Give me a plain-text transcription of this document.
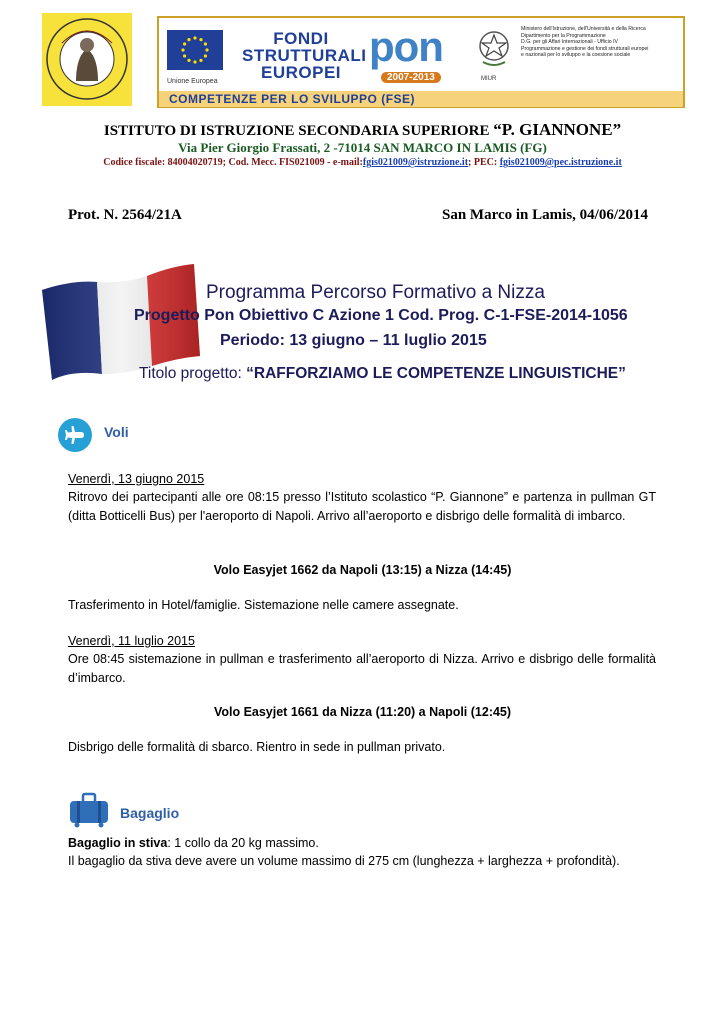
Unione Europea
FONDI
STRUTTURALI
EUROPEI
pon
2007-2013	MIUR
Ministero dell'Istruzione, dell'Università e della Ricerca
Dipartimento per la Programmazione
D.G. per gli Affari Internazionali - Ufficio IV
Programmazione e gestione dei fondi strutturali europei
e nazionali per lo sviluppo e la coesione sociale
COMPETENZE PER LO SVILUPPO (FSE)
ISTITUTO DI ISTRUZIONE SECONDARIA SUPERIORE “P. GIANNONE”
Via Pier Giorgio Frassati, 2 -71014 SAN MARCO IN LAMIS (FG)
Codice fiscale: 84004020719; Cod. Mecc. FIS021009 - e-mail:fgis021009@istruzione.it; PEC: fgis021009@pec.istruzione.it
Prot. N. 2564/21A	San Marco in Lamis, 04/06/2014
Programma Percorso Formativo a Nizza
Progetto Pon Obiettivo C Azione 1 Cod. Prog. C-1-FSE-2014-1056
Periodo: 13 giugno – 11 luglio 2015
Titolo progetto: “RAFFORZIAMO LE COMPETENZE LINGUISTICHE”
Voli
Venerdì, 13 giugno 2015
Ritrovo dei partecipanti alle ore 08:15 presso l’Istituto scolastico “P. Giannone” e partenza in pullman GT (ditta Botticelli Bus) per l'aeroporto di Napoli. Arrivo all’aeroporto e disbrigo delle formalità di imbarco.
Volo Easyjet 1662 da Napoli (13:15) a Nizza (14:45)
Trasferimento in Hotel/famiglie. Sistemazione nelle camere assegnate.
Venerdì, 11 luglio 2015
Ore 08:45 sistemazione in pullman e trasferimento all’aeroporto di Nizza. Arrivo e disbrigo delle formalità d’imbarco.
Volo Easyjet 1661 da Nizza (11:20) a Napoli (12:45)
Disbrigo delle formalità di sbarco. Rientro in sede in pullman privato.
Bagaglio
Bagaglio in stiva: 1 collo da 20 kg massimo.
Il bagaglio da stiva deve avere un volume massimo di 275 cm (lunghezza + larghezza + profondità).
